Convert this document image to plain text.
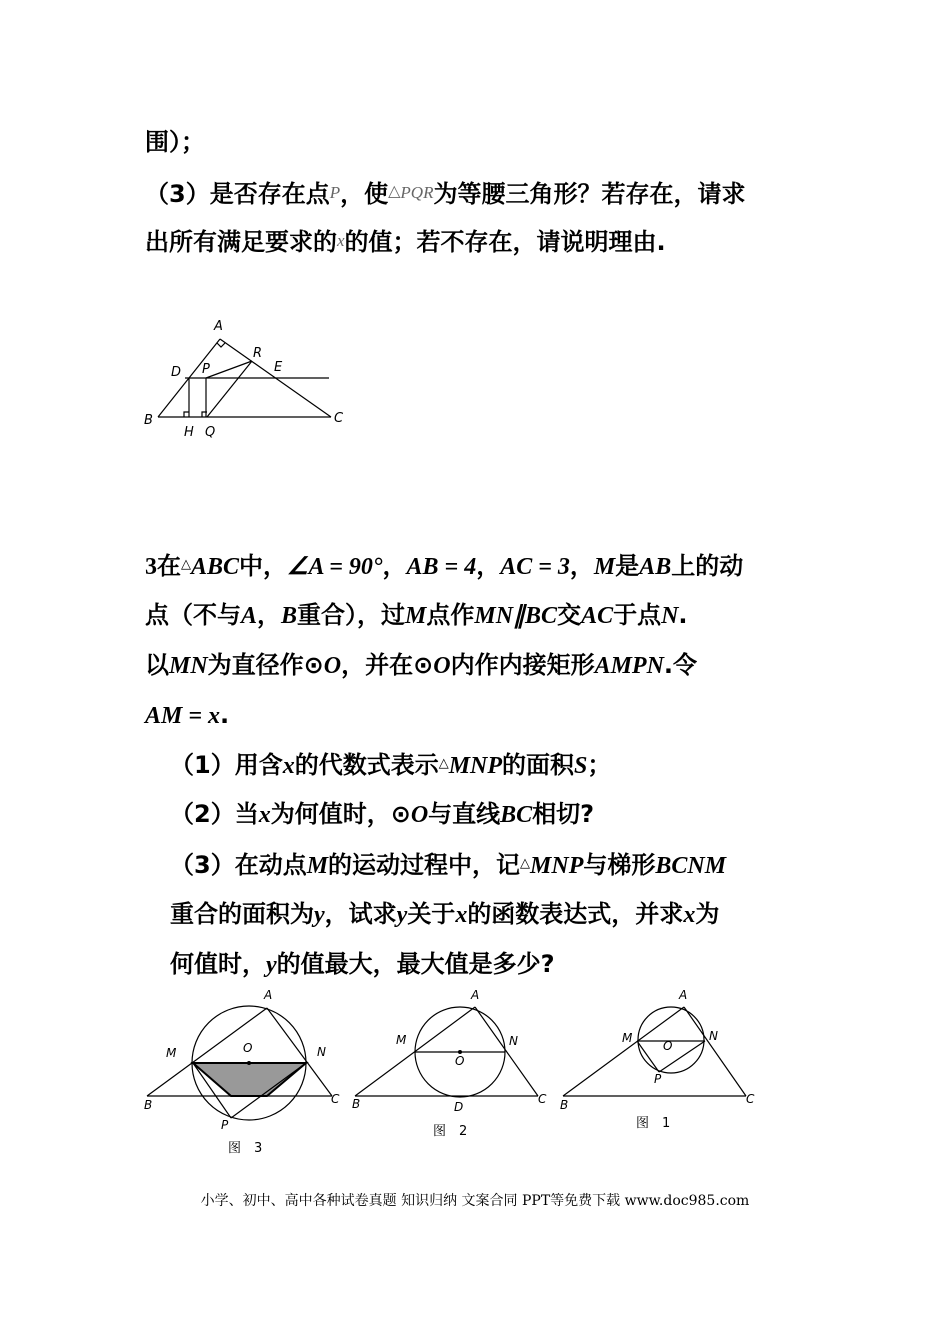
围）；
（3）是否存在点P，使△PQR为等腰三角形？若存在，请求
出所有满足要求的x的值；若不存在，请说明理由.
A
R
D P	E
B	C
H Q
3在△ABC中，∠A = 90°，AB = 4，AC = 3，M是AB上的动
点（不与A，B重合），过M点作MN∥BC交AC于点N.
以MN为直径作⊙O，并在⊙O内作内接矩形AMPN.令
AM = x.
（1）用含x的代数式表示△MNP的面积S；
（2）当x为何值时，⊙O与直线BC相切?
（3）在动点M的运动过程中，记△MNP与梯形BCNM
重合的面积为y，试求y关于x的函数表达式，并求x为
何值时，y的值最大，最大值是多少?
A
M	N
O
B	C
P
图　3
A
M	N
O
B	C
D
图　2
A
M	N
O
P
B	C
图　1
小学、初中、高中各种试卷真题 知识归纳 文案合同 PPT等免费下载 www.doc985.com
